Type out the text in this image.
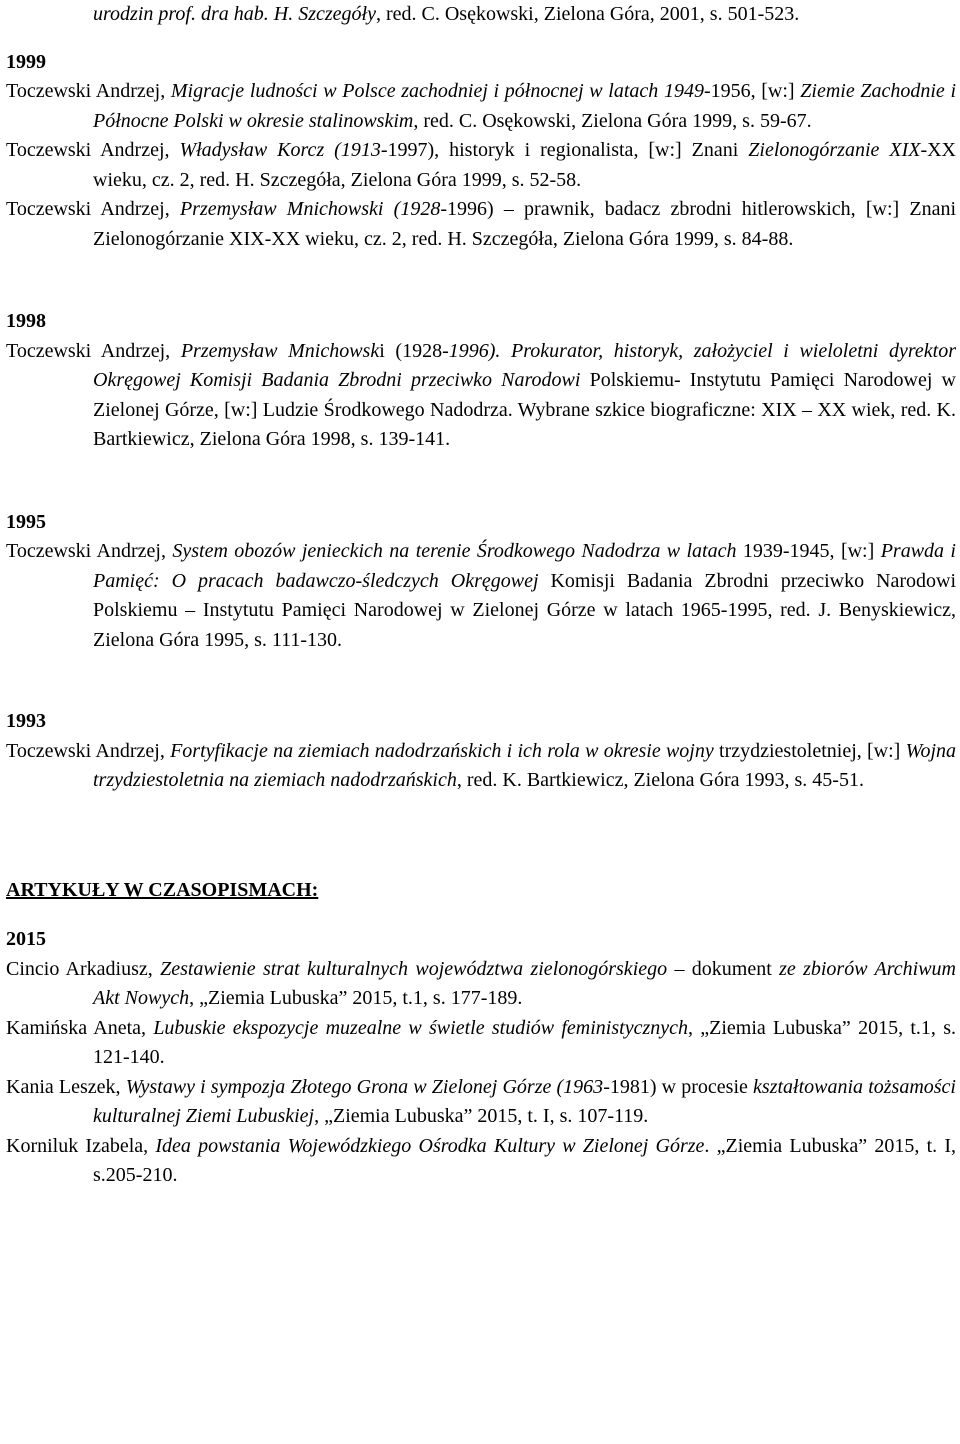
urodzin prof. dra hab. H. Szczegóły, red. C. Osękowski, Zielona Góra, 2001, s. 501-523.

1999

Toczewski Andrzej, Migracje ludności w Polsce zachodniej i północnej w latach 1949-1956, [w:] Ziemie Zachodnie i Północne Polski w okresie stalinowskim, red. C. Osękowski, Zielona Góra 1999, s. 59-67.

Toczewski Andrzej, Władysław Korcz (1913-1997), historyk i regionalista, [w:] Znani Zielonogórzanie XIX-XX wieku, cz. 2, red. H. Szczegóła, Zielona Góra 1999, s. 52-58.

Toczewski Andrzej, Przemysław Mnichowski (1928-1996) – prawnik, badacz zbrodni hitlerowskich, [w:] Znani Zielonogórzanie XIX-XX wieku, cz. 2, red. H. Szczegóła, Zielona Góra 1999, s. 84-88.

1998

Toczewski Andrzej, Przemysław Mnichowski (1928-1996). Prokurator, historyk, założyciel i wieloletni dyrektor Okręgowej Komisji Badania Zbrodni przeciwko Narodowi Polskiemu- Instytutu Pamięci Narodowej w Zielonej Górze, [w:] Ludzie Środkowego Nadodrza. Wybrane szkice biograficzne: XIX – XX wiek, red. K. Bartkiewicz, Zielona Góra 1998, s. 139-141.

1995

Toczewski Andrzej, System obozów jenieckich na terenie Środkowego Nadodrza w latach 1939-1945, [w:] Prawda i Pamięć: O pracach badawczo-śledczych Okręgowej Komisji Badania Zbrodni przeciwko Narodowi Polskiemu – Instytutu Pamięci Narodowej w Zielonej Górze w latach 1965-1995, red. J. Benyskiewicz, Zielona Góra 1995, s. 111-130.

1993

Toczewski Andrzej, Fortyfikacje na ziemiach nadodrzańskich i ich rola w okresie wojny trzydziestoletniej, [w:] Wojna trzydziestoletnia na ziemiach nadodrzańskich, red. K. Bartkiewicz, Zielona Góra 1993, s. 45-51.

ARTYKUŁY W CZASOPISMACH:

2015

Cincio Arkadiusz, Zestawienie strat kulturalnych województwa zielonogórskiego – dokument ze zbiorów Archiwum Akt Nowych, „Ziemia Lubuska” 2015, t.1, s. 177-189.

Kamińska Aneta, Lubuskie ekspozycje muzealne w świetle studiów feministycznych, „Ziemia Lubuska” 2015, t.1, s. 121-140.

Kania Leszek, Wystawy i sympozja Złotego Grona w Zielonej Górze (1963-1981) w procesie kształtowania tożsamości kulturalnej Ziemi Lubuskiej, „Ziemia Lubuska” 2015, t. I, s. 107-119.

Korniluk Izabela, Idea powstania Wojewódzkiego Ośrodka Kultury w Zielonej Górze. „Ziemia Lubuska” 2015, t. I, s.205-210.
